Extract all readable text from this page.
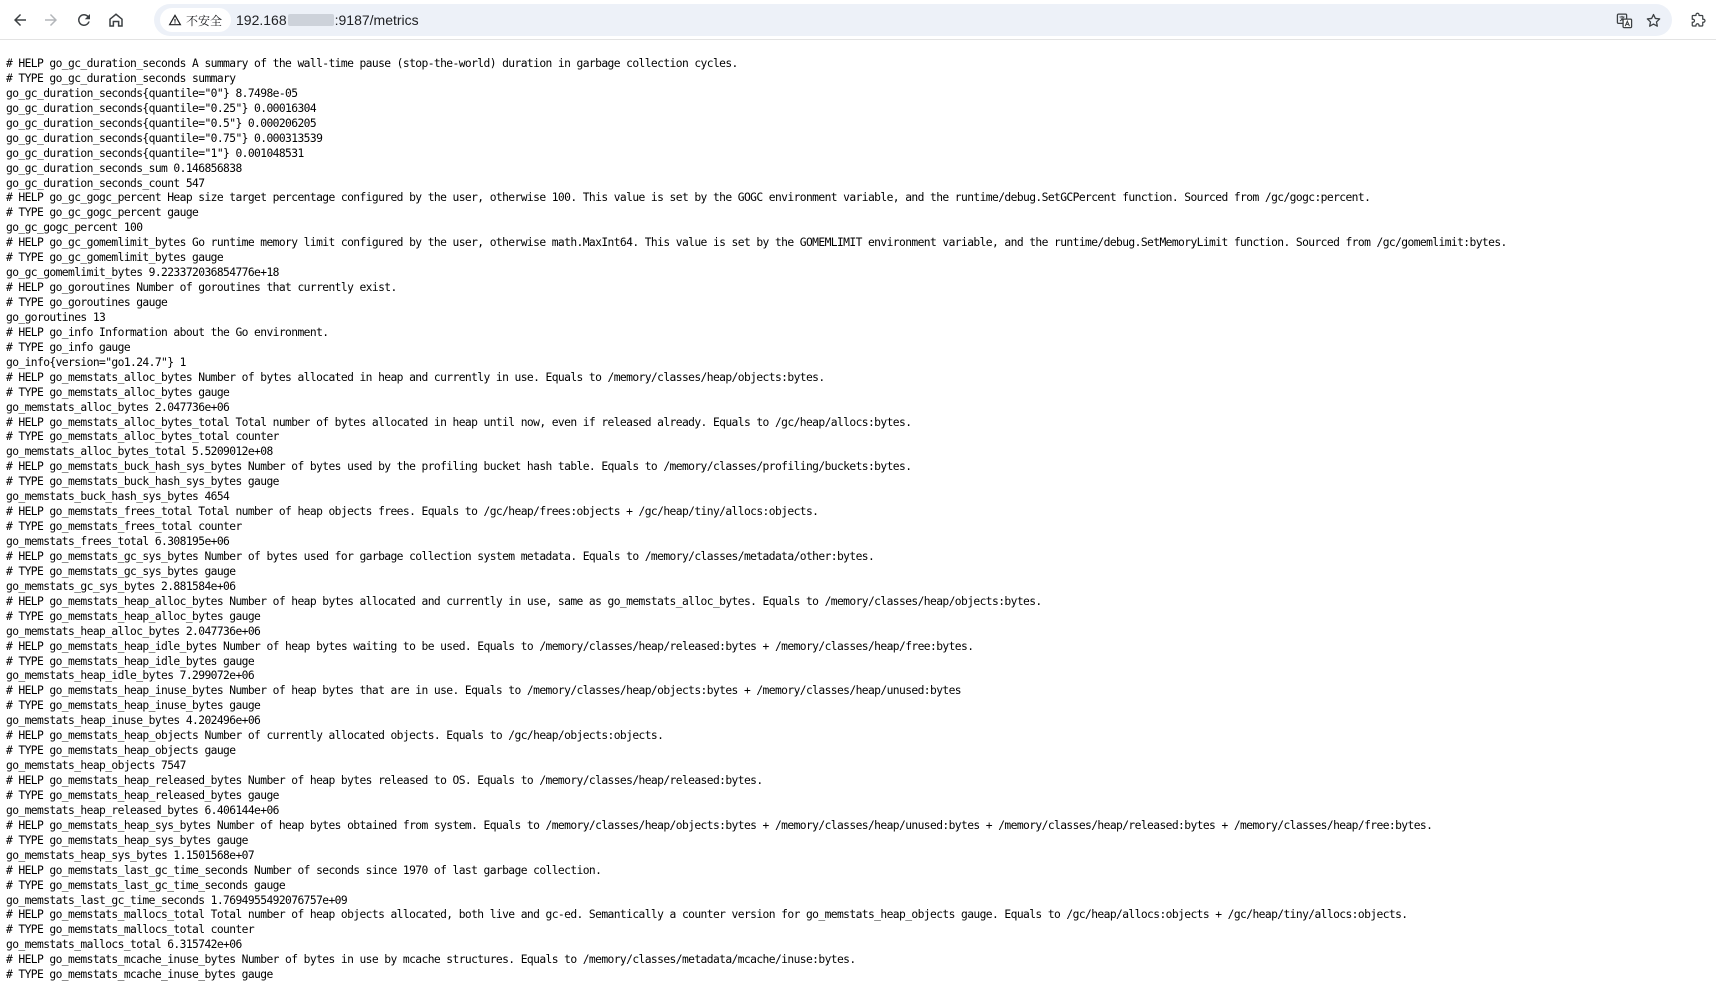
不安全 192.168	:9187/metrics
# HELP go_gc_duration_seconds A summary of the wall-time pause (stop-the-world) duration in garbage collection cycles.
# TYPE go_gc_duration_seconds summary
go_gc_duration_seconds{quantile="0"} 8.7498e-05
go_gc_duration_seconds{quantile="0.25"} 0.00016304
go_gc_duration_seconds{quantile="0.5"} 0.000206205
go_gc_duration_seconds{quantile="0.75"} 0.000313539
go_gc_duration_seconds{quantile="1"} 0.001048531
go_gc_duration_seconds_sum 0.146856838
go_gc_duration_seconds_count 547
# HELP go_gc_gogc_percent Heap size target percentage configured by the user, otherwise 100. This value is set by the GOGC environment variable, and the runtime/debug.SetGCPercent function. Sourced from /gc/gogc:percent.
# TYPE go_gc_gogc_percent gauge
go_gc_gogc_percent 100
# HELP go_gc_gomemlimit_bytes Go runtime memory limit configured by the user, otherwise math.MaxInt64. This value is set by the GOMEMLIMIT environment variable, and the runtime/debug.SetMemoryLimit function. Sourced from /gc/gomemlimit:bytes.
# TYPE go_gc_gomemlimit_bytes gauge
go_gc_gomemlimit_bytes 9.223372036854776e+18
# HELP go_goroutines Number of goroutines that currently exist.
# TYPE go_goroutines gauge
go_goroutines 13
# HELP go_info Information about the Go environment.
# TYPE go_info gauge
go_info{version="go1.24.7"} 1
# HELP go_memstats_alloc_bytes Number of bytes allocated in heap and currently in use. Equals to /memory/classes/heap/objects:bytes.
# TYPE go_memstats_alloc_bytes gauge
go_memstats_alloc_bytes 2.047736e+06
# HELP go_memstats_alloc_bytes_total Total number of bytes allocated in heap until now, even if released already. Equals to /gc/heap/allocs:bytes.
# TYPE go_memstats_alloc_bytes_total counter
go_memstats_alloc_bytes_total 5.5209012e+08
# HELP go_memstats_buck_hash_sys_bytes Number of bytes used by the profiling bucket hash table. Equals to /memory/classes/profiling/buckets:bytes.
# TYPE go_memstats_buck_hash_sys_bytes gauge
go_memstats_buck_hash_sys_bytes 4654
# HELP go_memstats_frees_total Total number of heap objects frees. Equals to /gc/heap/frees:objects + /gc/heap/tiny/allocs:objects.
# TYPE go_memstats_frees_total counter
go_memstats_frees_total 6.308195e+06
# HELP go_memstats_gc_sys_bytes Number of bytes used for garbage collection system metadata. Equals to /memory/classes/metadata/other:bytes.
# TYPE go_memstats_gc_sys_bytes gauge
go_memstats_gc_sys_bytes 2.881584e+06
# HELP go_memstats_heap_alloc_bytes Number of heap bytes allocated and currently in use, same as go_memstats_alloc_bytes. Equals to /memory/classes/heap/objects:bytes.
# TYPE go_memstats_heap_alloc_bytes gauge
go_memstats_heap_alloc_bytes 2.047736e+06
# HELP go_memstats_heap_idle_bytes Number of heap bytes waiting to be used. Equals to /memory/classes/heap/released:bytes + /memory/classes/heap/free:bytes.
# TYPE go_memstats_heap_idle_bytes gauge
go_memstats_heap_idle_bytes 7.299072e+06
# HELP go_memstats_heap_inuse_bytes Number of heap bytes that are in use. Equals to /memory/classes/heap/objects:bytes + /memory/classes/heap/unused:bytes
# TYPE go_memstats_heap_inuse_bytes gauge
go_memstats_heap_inuse_bytes 4.202496e+06
# HELP go_memstats_heap_objects Number of currently allocated objects. Equals to /gc/heap/objects:objects.
# TYPE go_memstats_heap_objects gauge
go_memstats_heap_objects 7547
# HELP go_memstats_heap_released_bytes Number of heap bytes released to OS. Equals to /memory/classes/heap/released:bytes.
# TYPE go_memstats_heap_released_bytes gauge
go_memstats_heap_released_bytes 6.406144e+06
# HELP go_memstats_heap_sys_bytes Number of heap bytes obtained from system. Equals to /memory/classes/heap/objects:bytes + /memory/classes/heap/unused:bytes + /memory/classes/heap/released:bytes + /memory/classes/heap/free:bytes.
# TYPE go_memstats_heap_sys_bytes gauge
go_memstats_heap_sys_bytes 1.1501568e+07
# HELP go_memstats_last_gc_time_seconds Number of seconds since 1970 of last garbage collection.
# TYPE go_memstats_last_gc_time_seconds gauge
go_memstats_last_gc_time_seconds 1.7694955492076757e+09
# HELP go_memstats_mallocs_total Total number of heap objects allocated, both live and gc-ed. Semantically a counter version for go_memstats_heap_objects gauge. Equals to /gc/heap/allocs:objects + /gc/heap/tiny/allocs:objects.
# TYPE go_memstats_mallocs_total counter
go_memstats_mallocs_total 6.315742e+06
# HELP go_memstats_mcache_inuse_bytes Number of bytes in use by mcache structures. Equals to /memory/classes/metadata/mcache/inuse:bytes.
# TYPE go_memstats_mcache_inuse_bytes gauge
